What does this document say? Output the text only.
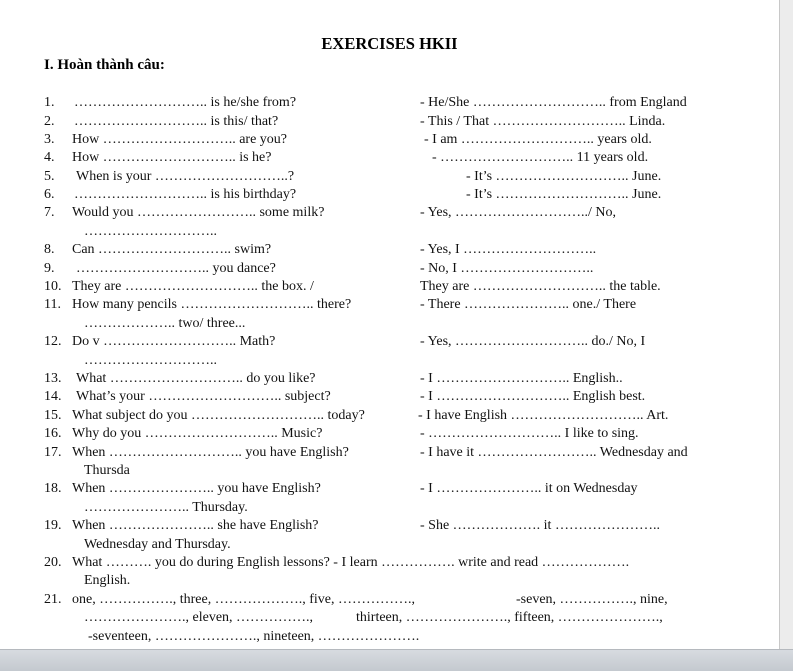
EXERCISES HKII
I. Hoàn thành câu:
1. ……………………….. is he/she from?	- He/She ……………………….. from England
2. ……………………….. is this/ that?	- This / That ……………………….. Linda.
3. How ……………………….. are you?	- I am ……………………….. years old.
4. How ……………………….. is he?	- ……………………….. 11 years old.
5. When is your ………………………..?	- It’s ……………………….. June.
6. ……………………….. is his birthday?	- It’s ……………………….. June.
7. Would you …………………….. some milk?	- Yes, ………………………../ No,
………………………..
8. Can ……………………….. swim?	- Yes, I ………………………..
9. ……………………….. you dance?	- No, I ………………………..
10. They are ……………………….. the box. /	They are ……………………….. the table.
11. How many pencils ……………………….. there?	- There ………………….. one./ There
……………….. two/ three...
12. Do v ……………………….. Math?	- Yes, ……………………….. do./ No, I
………………………..
13. What ……………………….. do you like?	- I ……………………….. English..
14. What’s your ……………………….. subject?	- I ……………………….. English best.
15. What subject do you ……………………….. today?	- I have English ……………………….. Art.
16. Why do you ……………………….. Music?	- ……………………….. I like to sing.
17. When ……………………….. you have English?	- I have it …………………….. Wednesday and
Thursda
18. When ………………….. you have English?	- I ………………….. it on Wednesday
………………….. Thursday.
19. When ………………….. she have English?	- She ………………. it …………………..
Wednesday and Thursday.
20. What ………. you do during English lessons? - I learn ……………. write and read ……………….
English.
21. one, ……………., three, ………………., five, …………….,	-seven, ……………., nine,
…………………., eleven, …………….,	thirteen, …………………., fifteen, ………………….,
-seventeen, …………………., nineteen, ………………….
